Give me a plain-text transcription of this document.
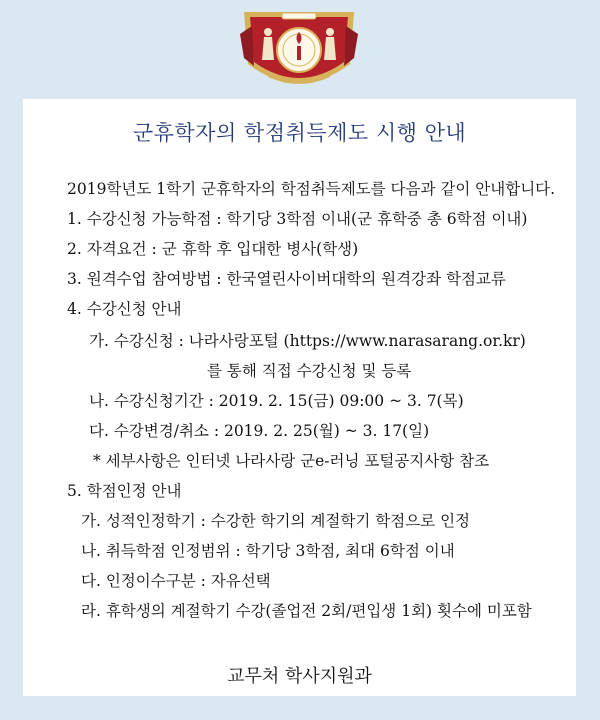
군휴학자의 학점취득제도 시행 안내
2019학년도 1학기 군휴학자의 학점취득제도를 다음과 같이 안내합니다.
1. 수강신청 가능학점 : 학기당 3학점 이내(군 휴학중 총 6학점 이내)
2. 자격요건 : 군 휴학 후 입대한 병사(학생)
3. 원격수업 참여방법 : 한국열린사이버대학의 원격강좌 학점교류
4. 수강신청 안내
가. 수강신청 : 나라사랑포털 (https://www.narasarang.or.kr)
를 통해 직접 수강신청 및 등록
나. 수강신청기간 : 2019. 2. 15(금) 09:00 ~ 3. 7(목)
다. 수강변경/취소 : 2019. 2. 25(월) ~ 3. 17(일)
* 세부사항은 인터넷 나라사랑 군e-러닝 포털공지사항 참조
5. 학점인정 안내
가. 성적인정학기 : 수강한 학기의 계절학기 학점으로 인정
나. 취득학점 인정범위 : 학기당 3학점, 최대 6학점 이내
다. 인정이수구분 : 자유선택
라. 휴학생의 계절학기 수강(졸업전 2회/편입생 1회) 횟수에 미포함
교무처 학사지원과
